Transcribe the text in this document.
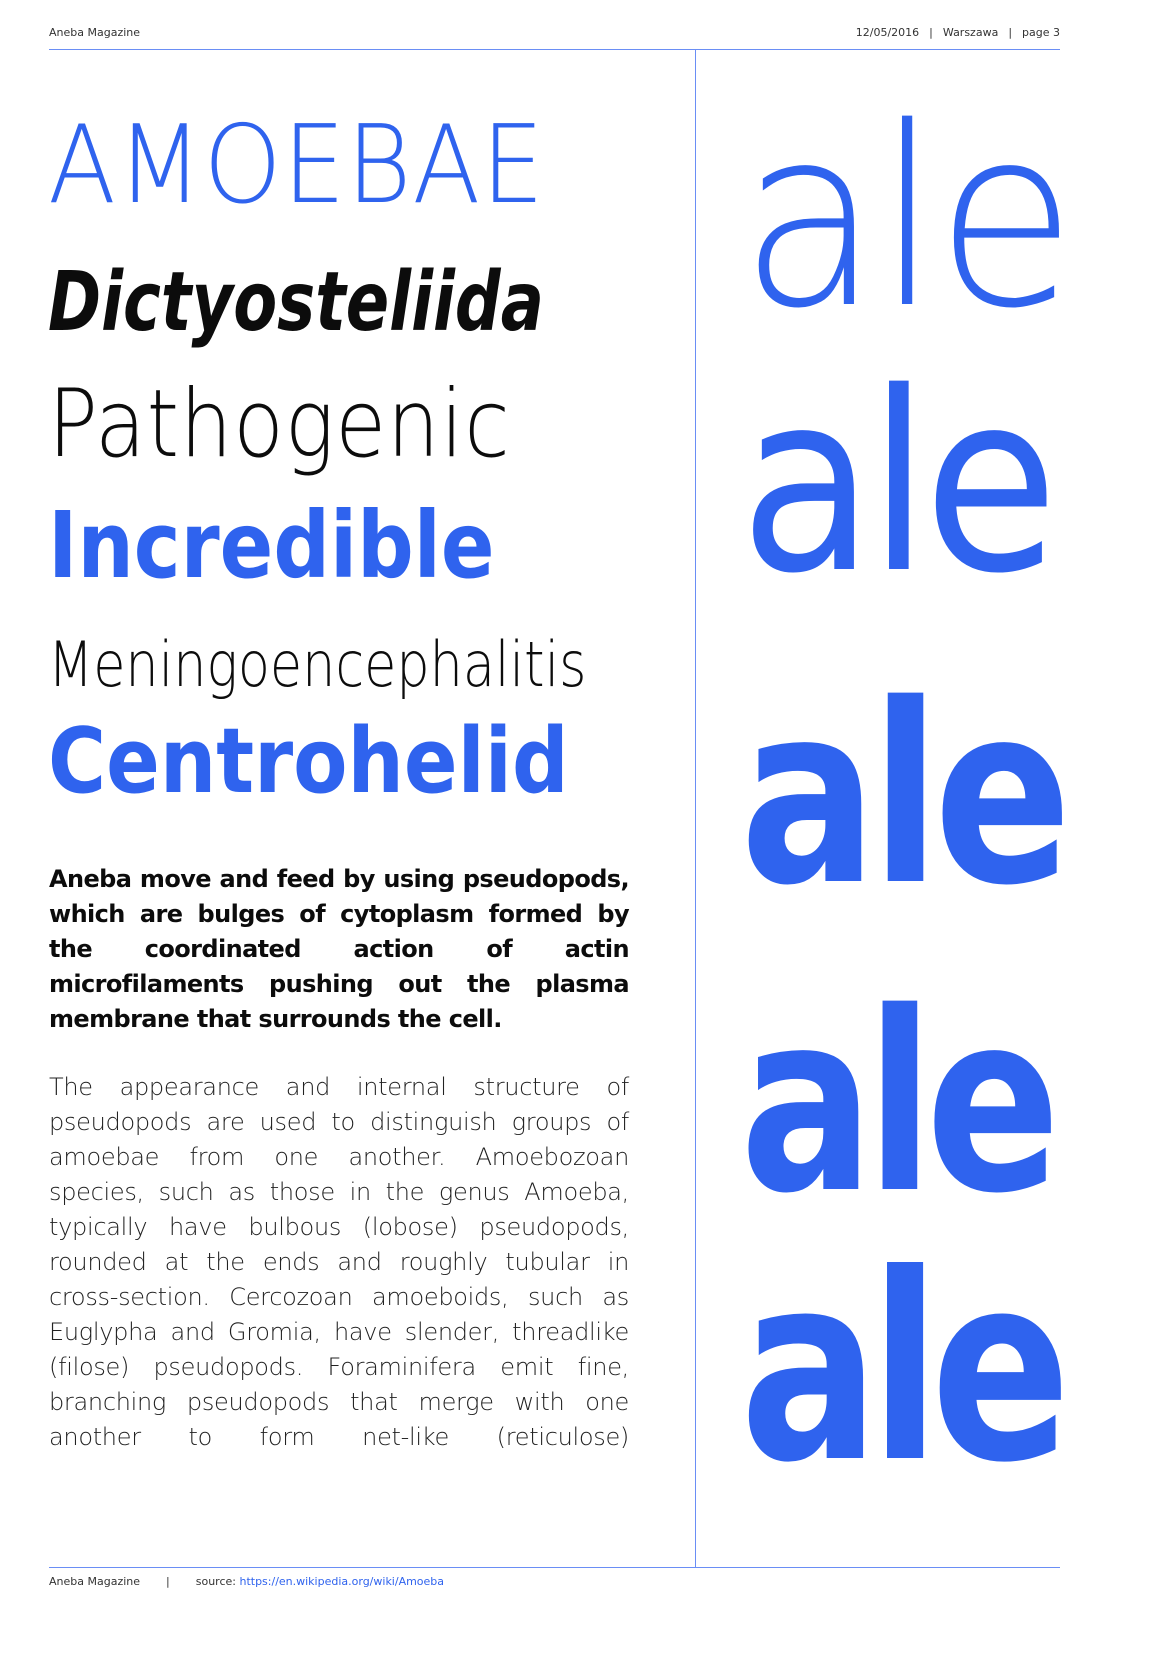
Aneba Magazine	12/05/2016 | Warszawa | page 3
AMOEBAE
Dictyosteliida
Pathogenic
Incredible
Meningoencephalitis
Centrohelid

Aneba move and feed by using pseudopods, which are bulges of cytoplasm formed by the coordinated action of actin microfilaments pushing out the plasma membrane that surrounds the cell.

The appearance and internal structure of pseudopods are used to distinguish groups of amoebae from one another. Amoebozoan species, such as those in the genus Amoeba, typically have bulbous (lobose) pseudopods, rounded at the ends and roughly tubular in cross-section. Cercozoan amoeboids, such as Euglypha and Gromia, have slender, threadlike (filose) pseudopods. Foraminifera emit fine, branching pseudopods that merge with one another to form net-like (reticulose)

ale
ale
ale
ale
ale
Aneba Magazine | source: https://en.wikipedia.org/wiki/Amoeba
